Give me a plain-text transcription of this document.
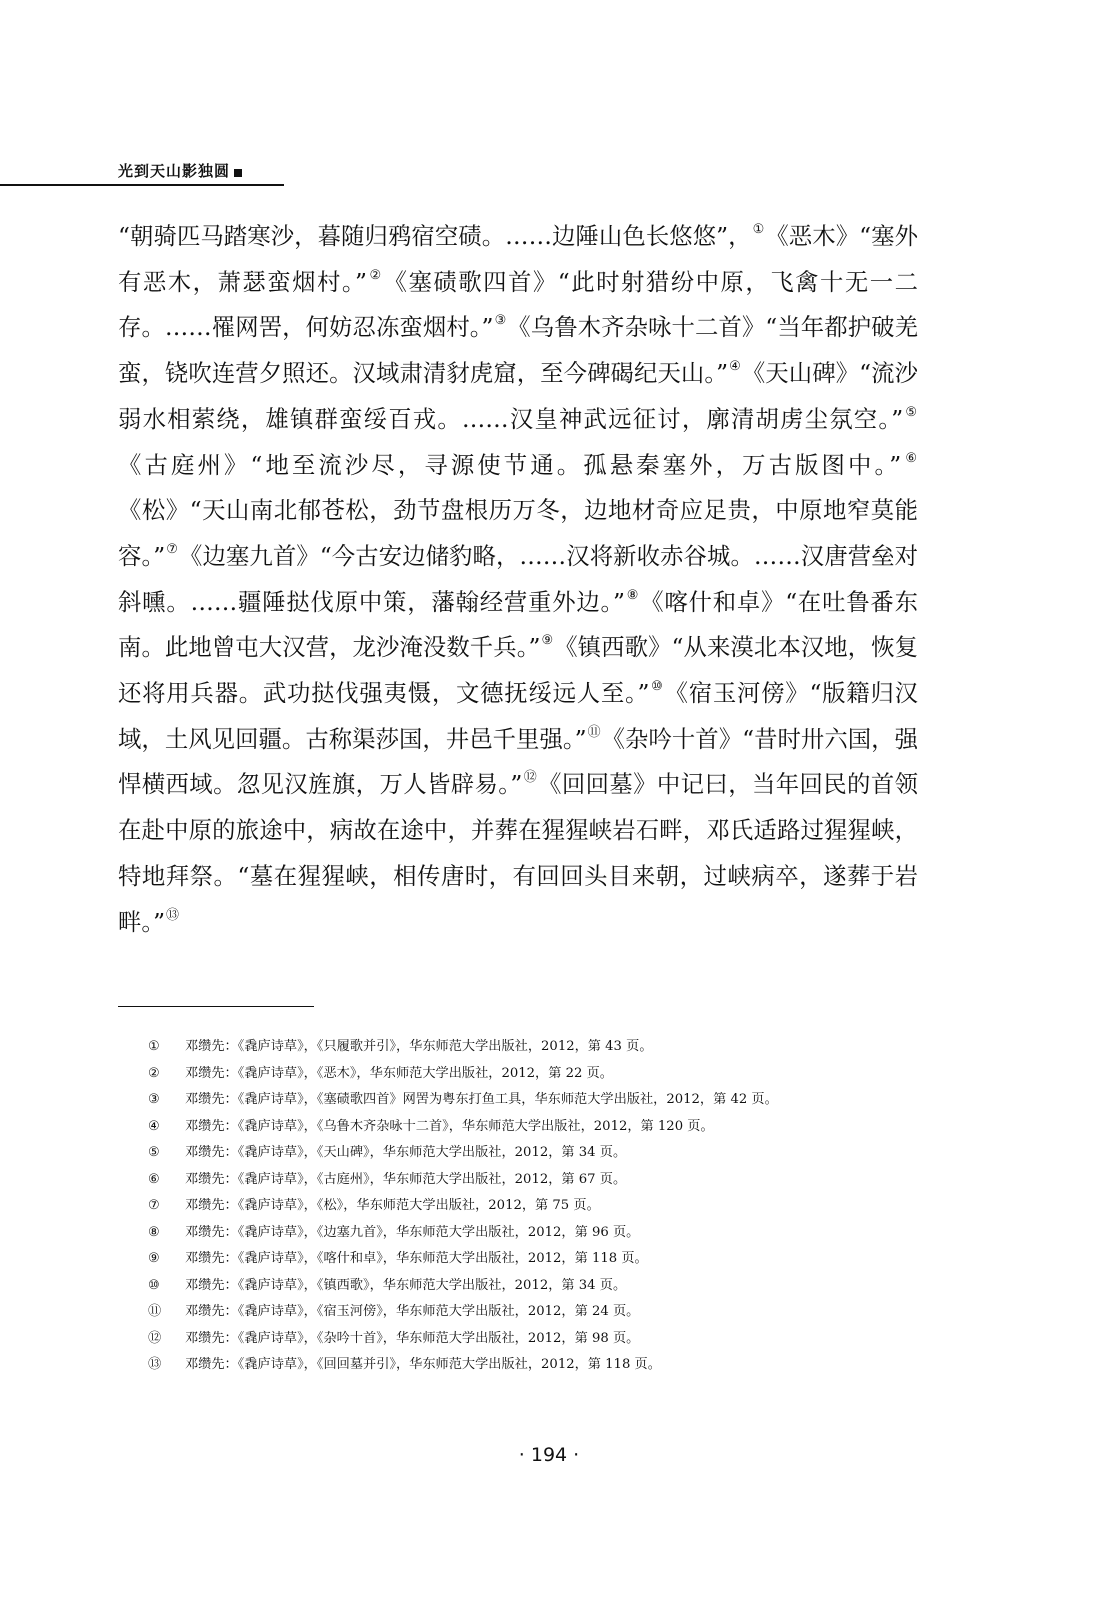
光到天山影独圆

“朝骑匹马踏寒沙，暮随归鸦宿空碛。……边陲山色长悠悠”，①《恶木》“塞外有恶木，萧瑟蛮烟村。”②《塞碛歌四首》“此时射猎纷中原，飞禽十无一二存。……罹网罟，何妨忍冻蛮烟村。”③《乌鲁木齐杂咏十二首》“当年都护破羌蛮，铙吹连营夕照还。汉域肃清豺虎窟，至今碑碣纪天山。”④《天山碑》“流沙弱水相萦绕，雄镇群蛮绥百戎。……汉皇神武远征讨，廓清胡虏尘氛空。”⑤《古庭州》“地至流沙尽，寻源使节通。孤悬秦塞外，万古版图中。”⑥《松》“天山南北郁苍松，劲节盘根历万冬，边地材奇应足贵，中原地窄莫能容。”⑦《边塞九首》“今古安边储豹略，……汉将新收赤谷城。……汉唐营垒对斜曛。……疆陲挞伐原中策，藩翰经营重外边。”⑧《喀什和卓》“在吐鲁番东南。此地曾屯大汉营，龙沙淹没数千兵。”⑨《镇西歌》“从来漠北本汉地，恢复还将用兵器。武功挞伐强夷慑，文德抚绥远人至。”⑩《宿玉河傍》“版籍归汉域，土风见回疆。古称渠莎国，井邑千里强。”⑪《杂吟十首》“昔时卅六国，强悍横西域。忽见汉旌旗，万人皆辟易。”⑫《回回墓》中记曰，当年回民的首领在赴中原的旅途中，病故在途中，并葬在猩猩峡岩石畔，邓氏适路过猩猩峡，特地拜祭。“墓在猩猩峡，相传唐时，有回回头目来朝，过峡病卒，遂葬于岩畔。”⑬

①	邓缵先：《毳庐诗草》，《只履歌并引》，华东师范大学出版社，2012，第 43 页。
②	邓缵先：《毳庐诗草》，《恶木》，华东师范大学出版社，2012，第 22 页。
③	邓缵先：《毳庐诗草》，《塞碛歌四首》网罟为粤东打鱼工具，华东师范大学出版社，2012，第 42 页。
④	邓缵先：《毳庐诗草》，《乌鲁木齐杂咏十二首》，华东师范大学出版社，2012，第 120 页。
⑤	邓缵先：《毳庐诗草》，《天山碑》，华东师范大学出版社，2012，第 34 页。
⑥	邓缵先：《毳庐诗草》，《古庭州》，华东师范大学出版社，2012，第 67 页。
⑦	邓缵先：《毳庐诗草》，《松》，华东师范大学出版社，2012，第 75 页。
⑧	邓缵先：《毳庐诗草》，《边塞九首》，华东师范大学出版社，2012，第 96 页。
⑨	邓缵先：《毳庐诗草》，《喀什和卓》，华东师范大学出版社，2012，第 118 页。
⑩	邓缵先：《毳庐诗草》，《镇西歌》，华东师范大学出版社，2012，第 34 页。
⑪	邓缵先：《毳庐诗草》，《宿玉河傍》，华东师范大学出版社，2012，第 24 页。
⑫	邓缵先：《毳庐诗草》，《杂吟十首》，华东师范大学出版社，2012，第 98 页。
⑬	邓缵先：《毳庐诗草》，《回回墓并引》，华东师范大学出版社，2012，第 118 页。
· 194 ·
